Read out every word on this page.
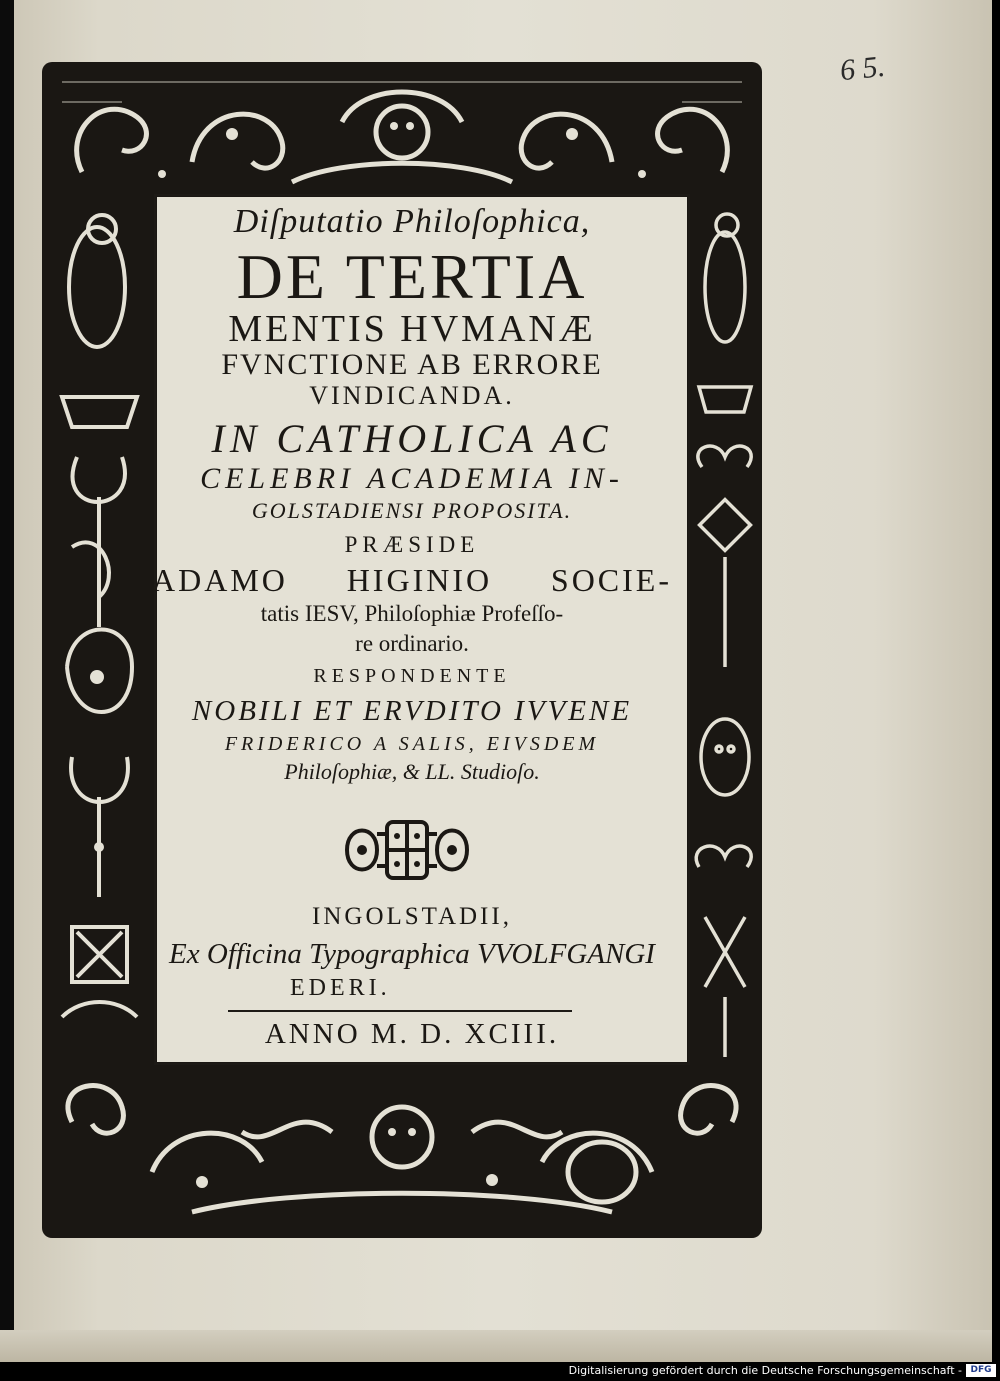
6 5.
Diſputatio Philoſophica,
DE TERTIA
MENTIS HVMANÆ
FVNCTIONE AB ERRORE
VINDICANDA.
IN CATHOLICA AC
CELEBRI ACADEMIA IN-
GOLSTADIENSI PROPOSITA.
PRÆSIDE
ADAMO HIGINIO SOCIE-
tatis IESV, Philoſophiæ Profeſſo-
re ordinario.
RESPONDENTE
NOBILI ET ERVDITO IVVENE
FRIDERICO A SALIS, EIVSDEM
Philoſophiæ, & LL. Studioſo.
INGOLSTADII,
Ex Officina Typographica VVOLFGANGI
EDERI.
ANNO M. D. XCIII.
Digitalisierung gefördert durch die Deutsche Forschungsgemeinschaft - DFG
